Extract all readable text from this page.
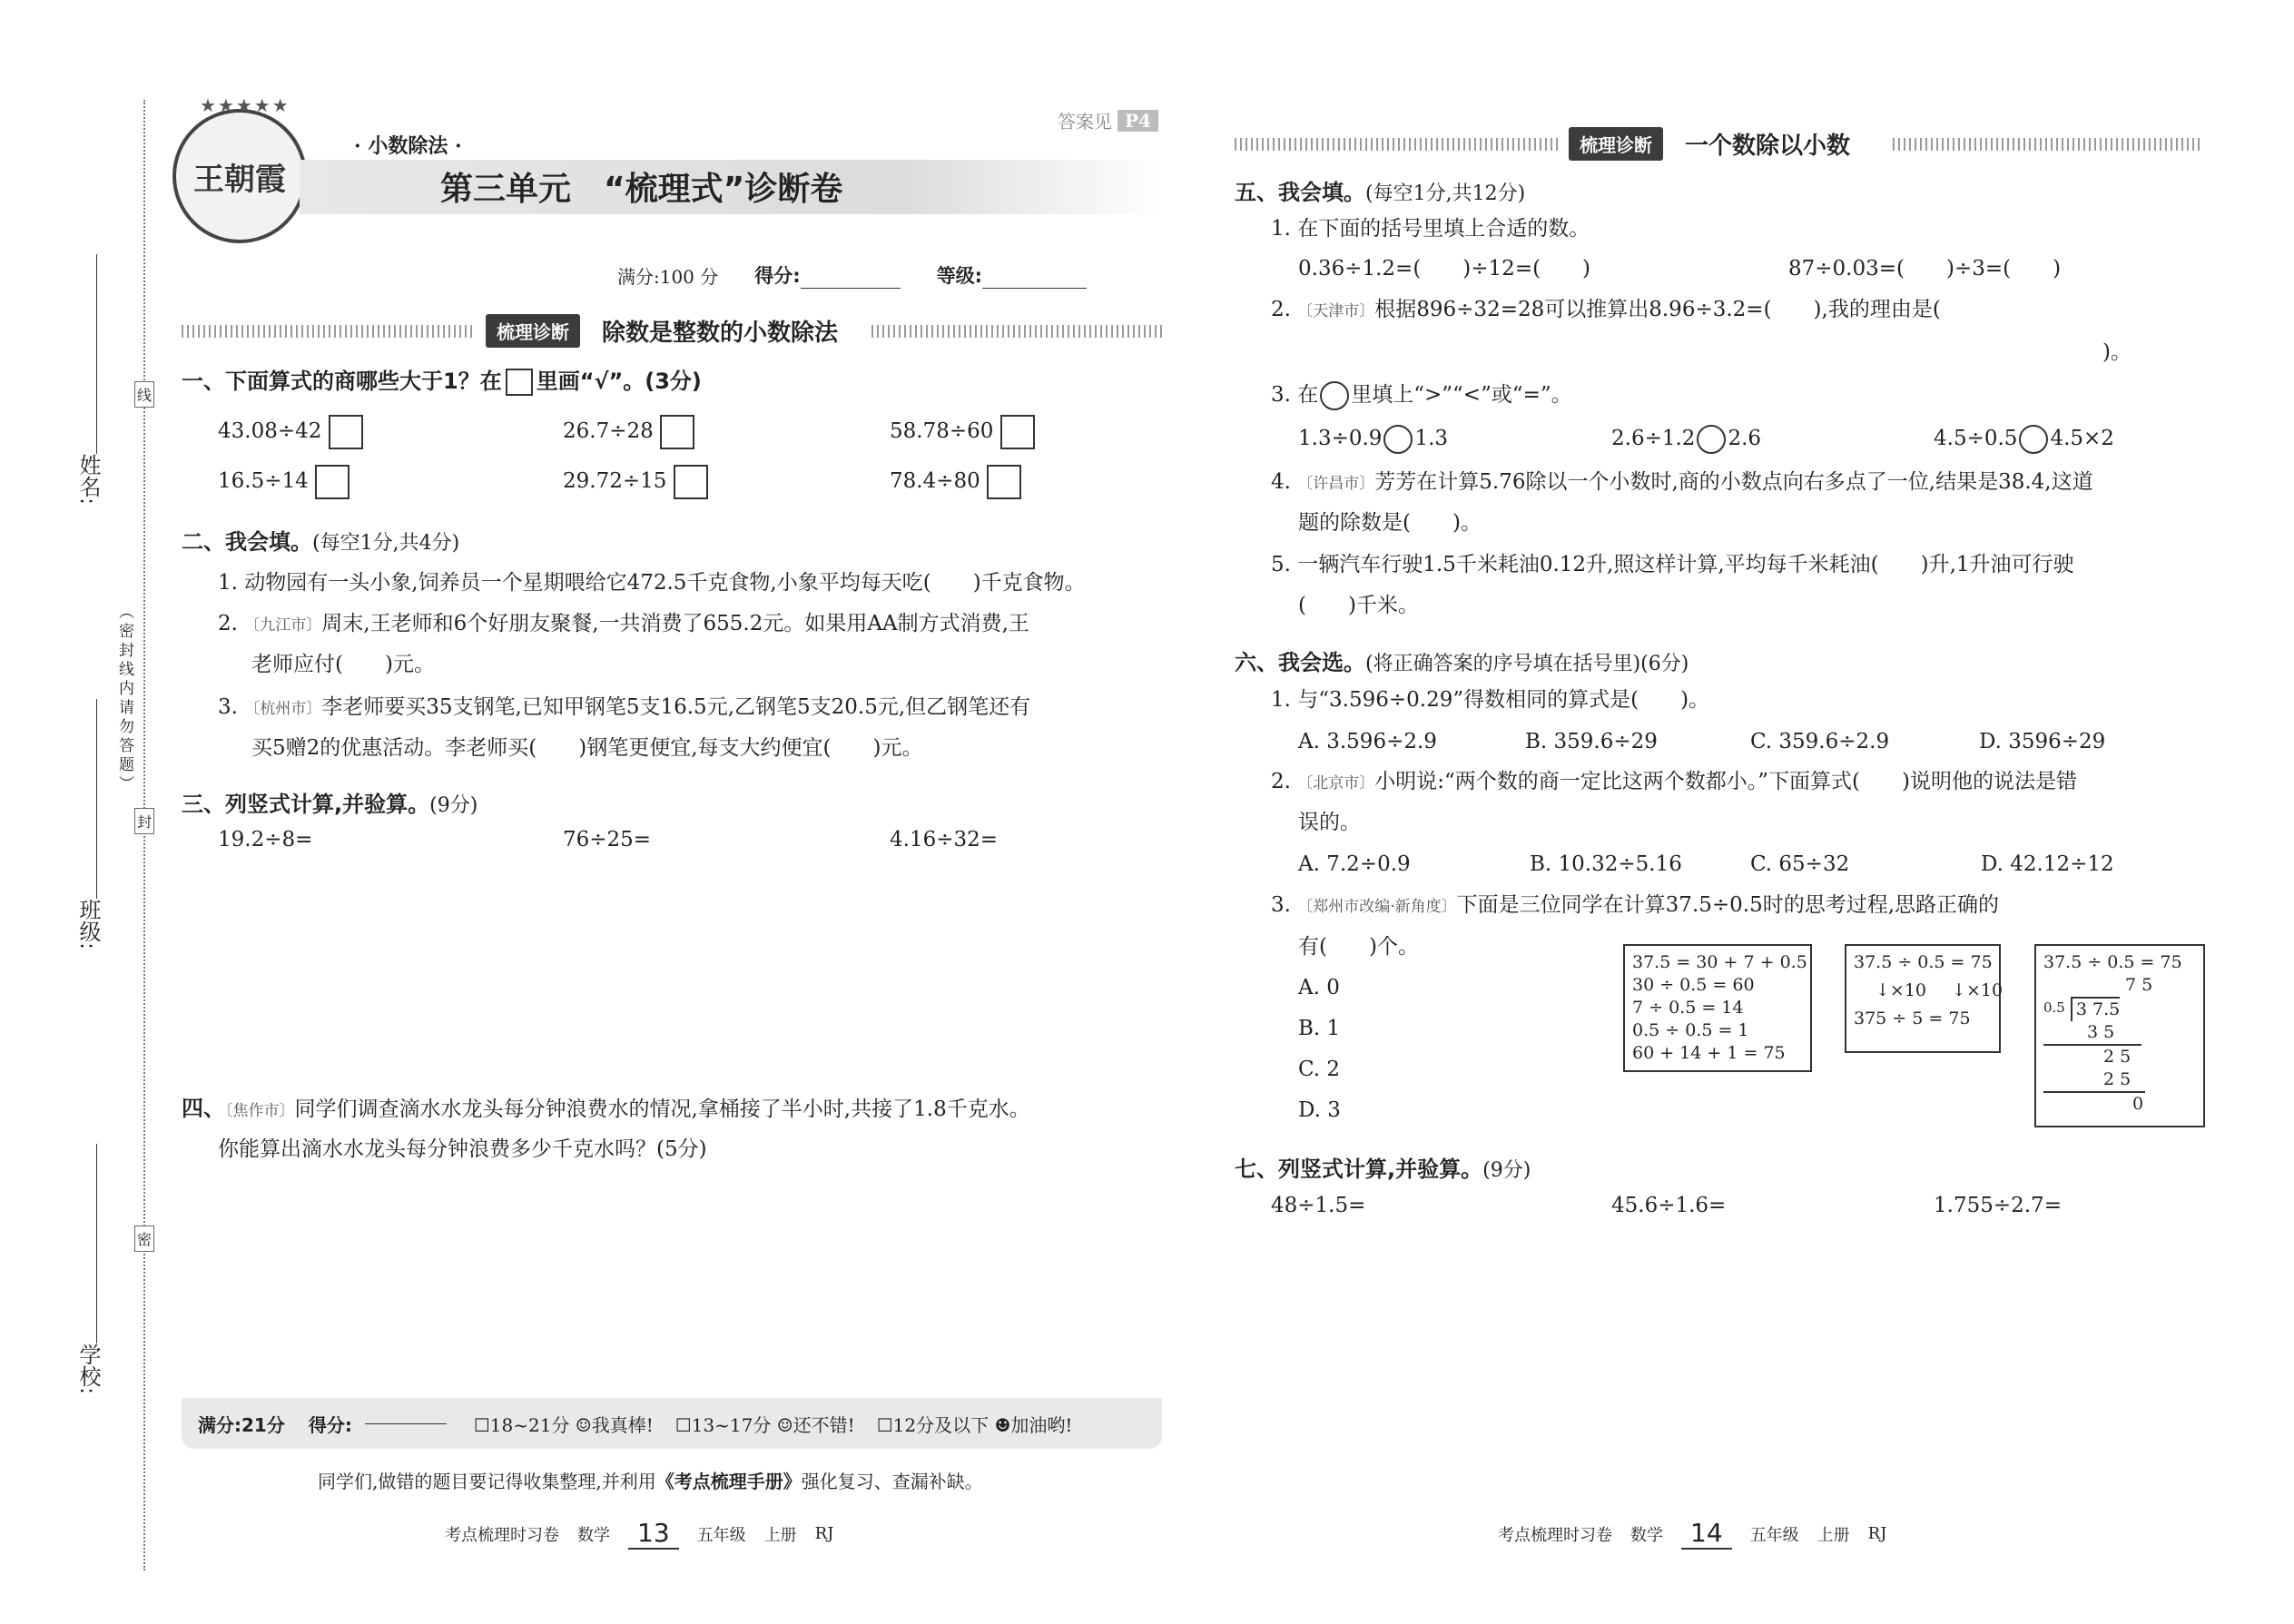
姓名:
班级:
学校:
（密封线内请勿答题）
线
封
密
王朝霞
★★★★★
答案见 P4
· 小数除法 ·
第三单元　“梳理式”诊断卷
满分:100 分 得分:	等级:
梳理诊断	除数是整数的小数除法
一、下面算式的商哪些大于1？在 里画“√”。(3分)
43.08÷42	26.7÷28	58.78÷60
16.5÷14	29.72÷15	78.4÷80
二、我会填。(每空1分,共4分)
1. 动物园有一头小象,饲养员一个星期喂给它472.5千克食物,小象平均每天吃(　　)千克食物。
2. 〔九江市〕周末,王老师和6个好朋友聚餐,一共消费了655.2元。如果用AA制方式消费,王
老师应付(　　)元。
3. 〔杭州市〕李老师要买35支钢笔,已知甲钢笔5支16.5元,乙钢笔5支20.5元,但乙钢笔还有
买5赠2的优惠活动。李老师买(　　)钢笔更便宜,每支大约便宜(　　)元。
三、列竖式计算,并验算。(9分)
19.2÷8=	76÷25=	4.16÷32=
四、〔焦作市〕同学们调查滴水水龙头每分钟浪费水的情况,拿桶接了半小时,共接了1.8千克水。
你能算出滴水水龙头每分钟浪费多少千克水吗？(5分)
满分:21分 得分:	☐18~21分 ☺我真棒! ☐13~17分 ☺还不错! ☐12分及以下 ☻加油哟!
同学们,做错的题目要记得收集整理,并利用《考点梳理手册》强化复习、查漏补缺。
考点梳理时习卷 数学	13	五年级 上册 RJ
梳理诊断	一个数除以小数
五、我会填。(每空1分,共12分)
1. 在下面的括号里填上合适的数。
0.36÷1.2=(　　)÷12=(　　)	87÷0.03=(　　)÷3=(　　)
2. 〔天津市〕根据896÷32=28可以推算出8.96÷3.2=(　　),我的理由是(
)。
3. 在 里填上“>”“<”或“=”。
1.3÷0.9 1.3	2.6÷1.2 2.6	4.5÷0.5 4.5×2
4. 〔许昌市〕芳芳在计算5.76除以一个小数时,商的小数点向右多点了一位,结果是38.4,这道
题的除数是(　　)。
5. 一辆汽车行驶1.5千米耗油0.12升,照这样计算,平均每千米耗油(　　)升,1升油可行驶
(　　)千米。
六、我会选。(将正确答案的序号填在括号里)(6分)
1. 与“3.596÷0.29”得数相同的算式是(　　)。
A. 3.596÷2.9	B. 359.6÷29	C. 359.6÷2.9	D. 3596÷29
2. 〔北京市〕小明说:“两个数的商一定比这两个数都小。”下面算式(　　)说明他的说法是错
误的。
A. 7.2÷0.9	B. 10.32÷5.16	C. 65÷32	D. 42.12÷12
3. 〔郑州市改编·新角度〕下面是三位同学在计算37.5÷0.5时的思考过程,思路正确的
有(　　)个。
A. 0
B. 1
C. 2
D. 3
37.5 = 30 + 7 + 0.5
30 ÷ 0.5 = 60
7 ÷ 0.5 = 14
0.5 ÷ 0.5 = 1
60 + 14 + 1 = 75
37.5 ÷ 0.5 = 75
↓×10 ↓×10
375 ÷ 5 = 75
37.5 ÷ 0.5 = 75
7 5
0.5 3 7.5
3 5
2 5
2 5
0
七、列竖式计算,并验算。(9分)
48÷1.5=	45.6÷1.6=	1.755÷2.7=
考点梳理时习卷 数学	14	五年级 上册 RJ
